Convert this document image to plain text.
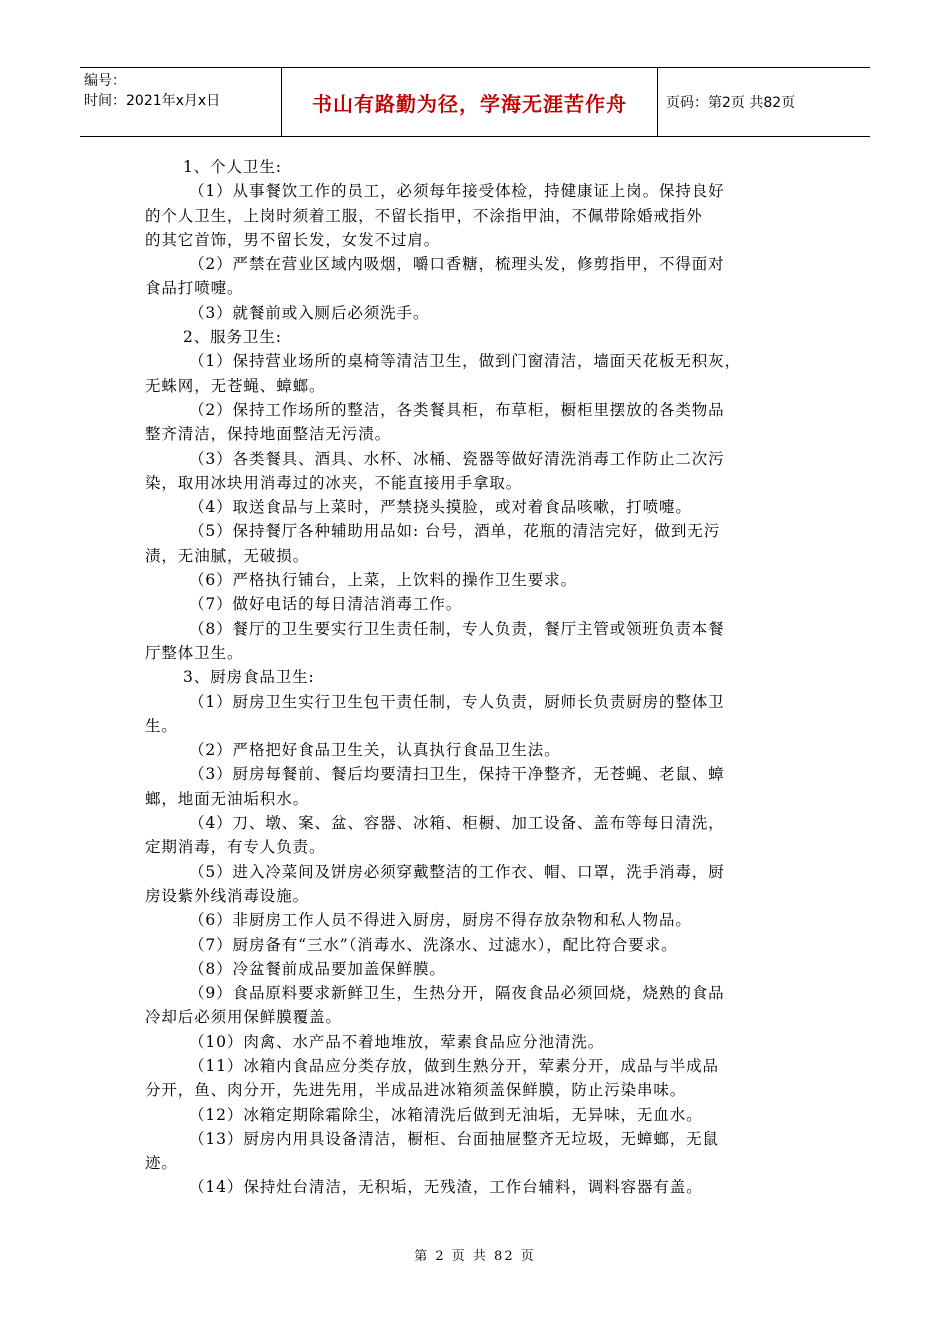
编号：
时间：2021年x月x日	书山有路勤为径，学海无涯苦作舟	页码：第2页 共82页
1、个人卫生:
（1）从事餐饮工作的员工，必须每年接受体检，持健康证上岗。保持良好
的个人卫生，上岗时须着工服，不留长指甲，不涂指甲油，不佩带除婚戒指外
的其它首饰，男不留长发，女发不过肩。
（2）严禁在营业区域内吸烟，嚼口香糖，梳理头发，修剪指甲，不得面对
食品打喷嚏。
（3）就餐前或入厕后必须洗手。
2、服务卫生:
（1）保持营业场所的桌椅等清洁卫生，做到门窗清洁，墙面天花板无积灰，
无蛛网，无苍蝇、蟑螂。
（2）保持工作场所的整洁，各类餐具柜，布草柜，橱柜里摆放的各类物品
整齐清洁，保持地面整洁无污渍。
（3）各类餐具、酒具、水杯、冰桶、瓷器等做好清洗消毒工作防止二次污
染，取用冰块用消毒过的冰夹，不能直接用手拿取。
（4）取送食品与上菜时，严禁挠头摸脸，或对着食品咳嗽，打喷嚏。
（5）保持餐厅各种辅助用品如: 台号，酒单，花瓶的清洁完好，做到无污
渍，无油腻，无破损。
（6）严格执行铺台，上菜，上饮料的操作卫生要求。
（7）做好电话的每日清洁消毒工作。
（8）餐厅的卫生要实行卫生责任制，专人负责，餐厅主管或领班负责本餐
厅整体卫生。
3、厨房食品卫生:
（1）厨房卫生实行卫生包干责任制，专人负责，厨师长负责厨房的整体卫
生。
（2）严格把好食品卫生关，认真执行食品卫生法。
（3）厨房每餐前、餐后均要清扫卫生，保持干净整齐，无苍蝇、老鼠、蟑
螂，地面无油垢积水。
（4）刀、墩、案、盆、容器、冰箱、柜橱、加工设备、盖布等每日清洗，
定期消毒，有专人负责。
（5）进入冷菜间及饼房必须穿戴整洁的工作衣、帽、口罩，洗手消毒，厨
房设紫外线消毒设施。
（6）非厨房工作人员不得进入厨房，厨房不得存放杂物和私人物品。
（7）厨房备有“三水”（消毒水、洗涤水、过滤水），配比符合要求。
（8）冷盆餐前成品要加盖保鲜膜。
（9）食品原料要求新鲜卫生，生热分开，隔夜食品必须回烧，烧熟的食品
冷却后必须用保鲜膜覆盖。
（10）肉禽、水产品不着地堆放，荤素食品应分池清洗。
（11）冰箱内食品应分类存放，做到生熟分开，荤素分开，成品与半成品
分开，鱼、肉分开，先进先用，半成品进冰箱须盖保鲜膜，防止污染串味。
（12）冰箱定期除霜除尘，冰箱清洗后做到无油垢，无异味，无血水。
（13）厨房内用具设备清洁，橱柜、台面抽屉整齐无垃圾，无蟑螂，无鼠
迹。
（14）保持灶台清洁，无积垢，无残渣，工作台辅料，调料容器有盖。
第 2 页 共 82 页
